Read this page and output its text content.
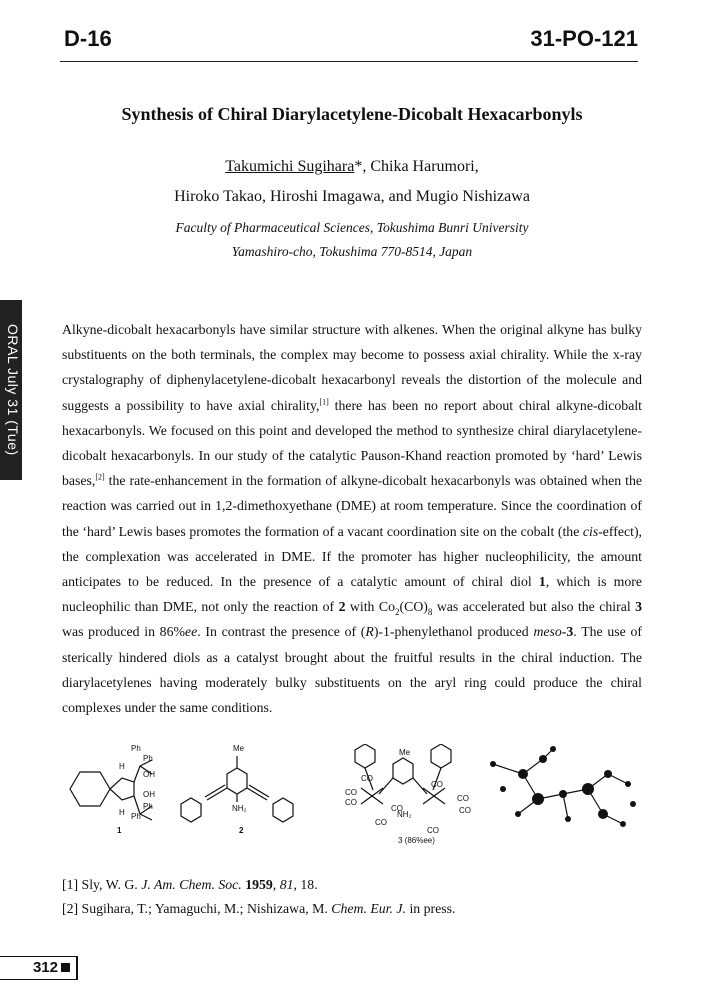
D-16	31-PO-121
Synthesis of Chiral Diarylacetylene-Dicobalt Hexacarbonyls
Takumichi Sugihara*, Chika Harumori,
Hiroko Takao, Hiroshi Imagawa, and Mugio Nishizawa
Faculty of Pharmaceutical Sciences, Tokushima Bunri University
Yamashiro-cho, Tokushima 770-8514, Japan
ORAL July 31 (Tue)	Alkyne-dicobalt hexacarbonyls have similar structure with alkenes. When the original alkyne has bulky substituents on the both terminals, the complex may become to possess axial chirality. While the x-ray crystalography of diphenylacetylene-dicobalt hexacarbonyl reveals the distortion of the molecule and suggests a possibility to have axial chirality,[1] there has been no report about chiral alkyne-dicobalt hexacarbonyls. We focused on this point and developed the method to synthesize chiral diarylacetylene-dicobalt hexacarbonyls. In our study of the catalytic Pauson-Khand reaction promoted by ‘hard’ Lewis bases,[2] the rate-enhancement in the formation of alkyne-dicobalt hexacarbonyls was obtained when the reaction was carried out in 1,2-dimethoxyethane (DME) at room temperature. Since the coordination of the ‘hard’ Lewis bases promotes the formation of a vacant coordination site on the cobalt (the cis-effect), the complexation was accelerated in DME. If the promoter has higher nucleophilicity, the amount anticipates to be reduced. In the presence of a catalytic amount of chiral diol 1, which is more nucleophilic than DME, not only the reaction of 2 with $Co_2(CO)_8$ was accelerated but also the chiral 3 was produced in 86%ee. In contrast the presence of (R)-1-phenylethanol produced meso-3. The use of sterically hindered diols as a catalyst brought about the fruitful results in the chiral induction. The diarylacetylenes having moderately bulky substituents on the aryl ring could produce the chiral complexes under the same conditions.

Ph
Ph
OH
OH
Ph
Ph
H
H
1
Me
NH₂
2
CO
CO
CO
CO
CO
CO
CO
CO
CO
Me
NH₂
3 (86%ee)
[1] Sly, W. G. J. Am. Chem. Soc. 1959, 81, 18.
[2] Sugihara, T.; Yamaguchi, M.; Nishizawa, M. Chem. Eur. J. in press.
312
